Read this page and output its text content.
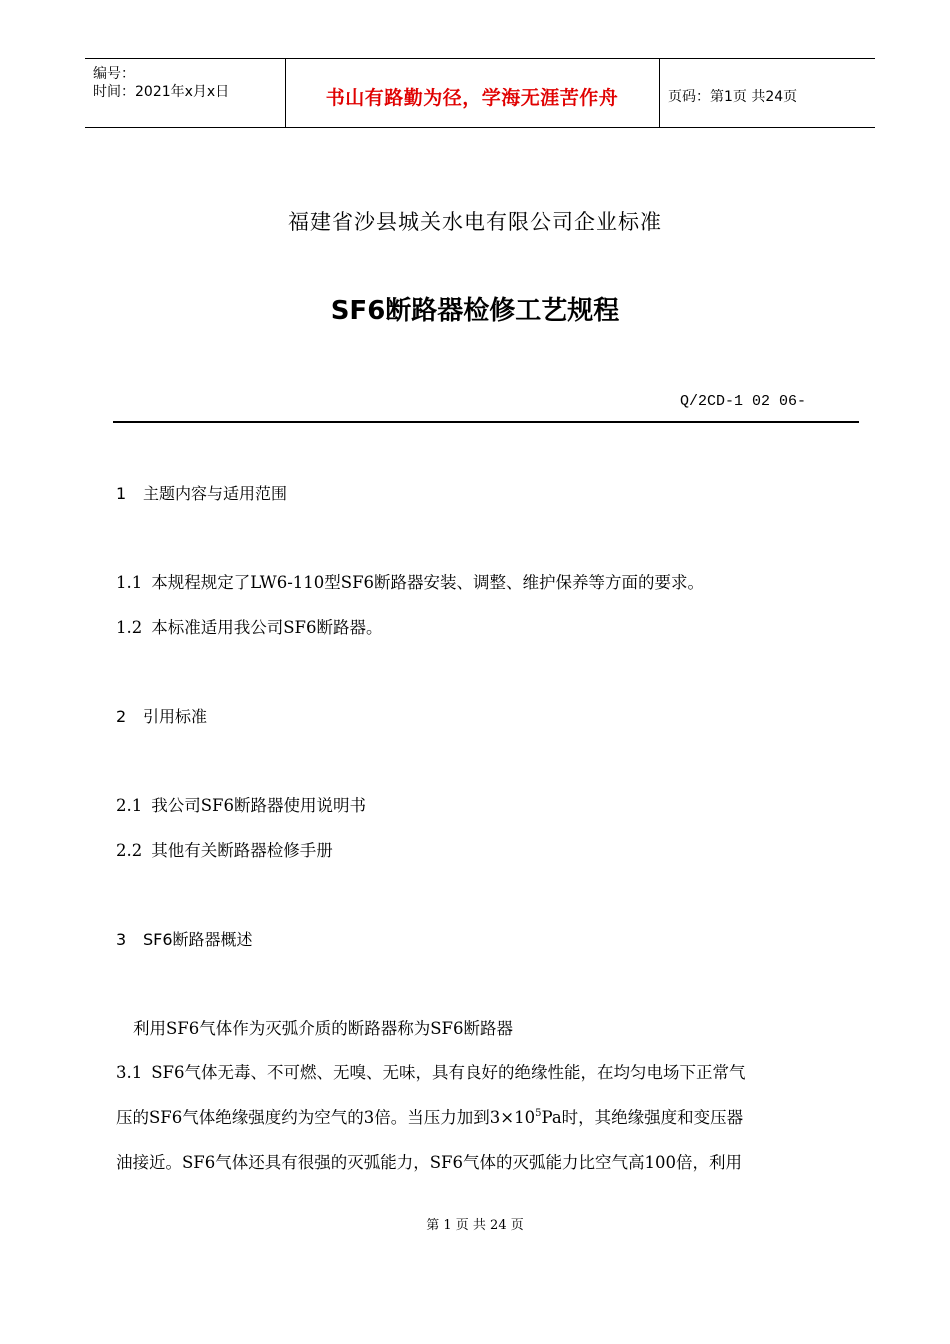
编号：
时间：2021年x月x日	书山有路勤为径，学海无涯苦作舟	页码：第1页 共24页
福建省沙县城关水电有限公司企业标准
SF6断路器检修工艺规程
Q/2CD-1 02 06-
1 主题内容与适用范围
1.1 本规程规定了LW6-110型SF6断路器安装、调整、维护保养等方面的要求。
1.2 本标准适用我公司SF6断路器。
2 引用标准
2.1 我公司SF6断路器使用说明书
2.2 其他有关断路器检修手册
3 SF6断路器概述
利用SF6气体作为灭弧介质的断路器称为SF6断路器
3.1 SF6气体无毒、不可燃、无嗅、无味，具有良好的绝缘性能，在均匀电场下正常气
压的SF6气体绝缘强度约为空气的3倍。当压力加到$3\times 10^5Pa$时，其绝缘强度和变压器
油接近。SF6气体还具有很强的灭弧能力，SF6气体的灭弧能力比空气高100倍，利用
第 1 页 共 24 页
